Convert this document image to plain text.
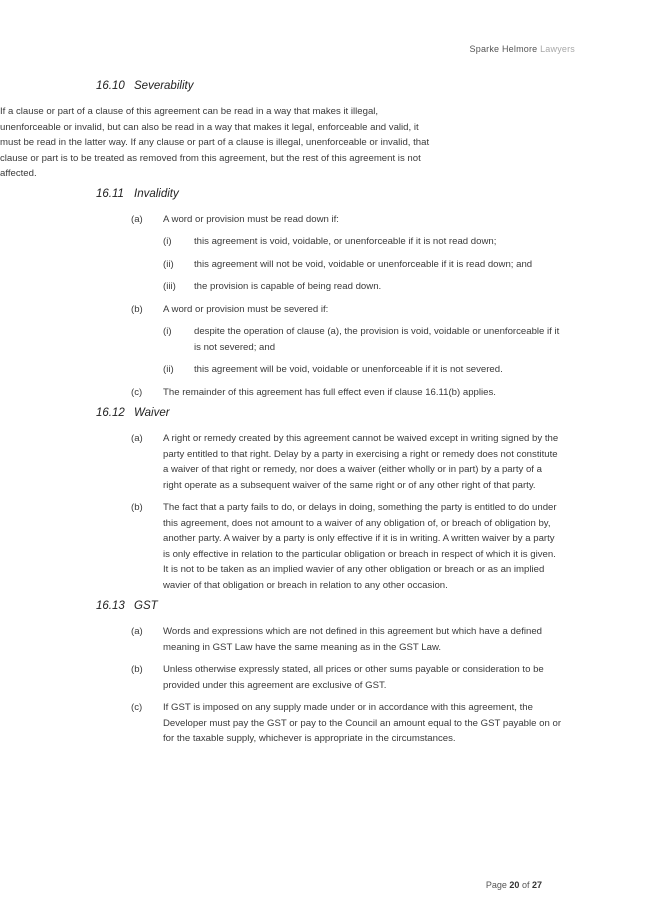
Sparke Helmore Lawyers
16.10 Severability

If a clause or part of a clause of this agreement can be read in a way that makes it illegal, unenforceable or invalid, but can also be read in a way that makes it legal, enforceable and valid, it must be read in the latter way. If any clause or part of a clause is illegal, unenforceable or invalid, that clause or part is to be treated as removed from this agreement, but the rest of this agreement is not affected.

16.11 Invalidity
(a) A word or provision must be read down if:
(i) this agreement is void, voidable, or unenforceable if it is not read down;
(ii) this agreement will not be void, voidable or unenforceable if it is read down; and
(iii) the provision is capable of being read down.
(b) A word or provision must be severed if:
(i) despite the operation of clause (a), the provision is void, voidable or unenforceable if it is not severed; and
(ii) this agreement will be void, voidable or unenforceable if it is not severed.
(c) The remainder of this agreement has full effect even if clause 16.11(b) applies.
16.12 Waiver
(a) A right or remedy created by this agreement cannot be waived except in writing signed by the party entitled to that right. Delay by a party in exercising a right or remedy does not constitute a waiver of that right or remedy, nor does a waiver (either wholly or in part) by a party of a right operate as a subsequent waiver of the same right or of any other right of that party.
(b) The fact that a party fails to do, or delays in doing, something the party is entitled to do under this agreement, does not amount to a waiver of any obligation of, or breach of obligation by, another party. A waiver by a party is only effective if it is in writing. A written waiver by a party is only effective in relation to the particular obligation or breach in respect of which it is given. It is not to be taken as an implied wavier of any other obligation or breach or as an implied wavier of that obligation or breach in relation to any other occasion.
16.13 GST
(a) Words and expressions which are not defined in this agreement but which have a defined meaning in GST Law have the same meaning as in the GST Law.
(b) Unless otherwise expressly stated, all prices or other sums payable or consideration to be provided under this agreement are exclusive of GST.
(c) If GST is imposed on any supply made under or in accordance with this agreement, the Developer must pay the GST or pay to the Council an amount equal to the GST payable on or for the taxable supply, whichever is appropriate in the circumstances.
Page 20 of 27
